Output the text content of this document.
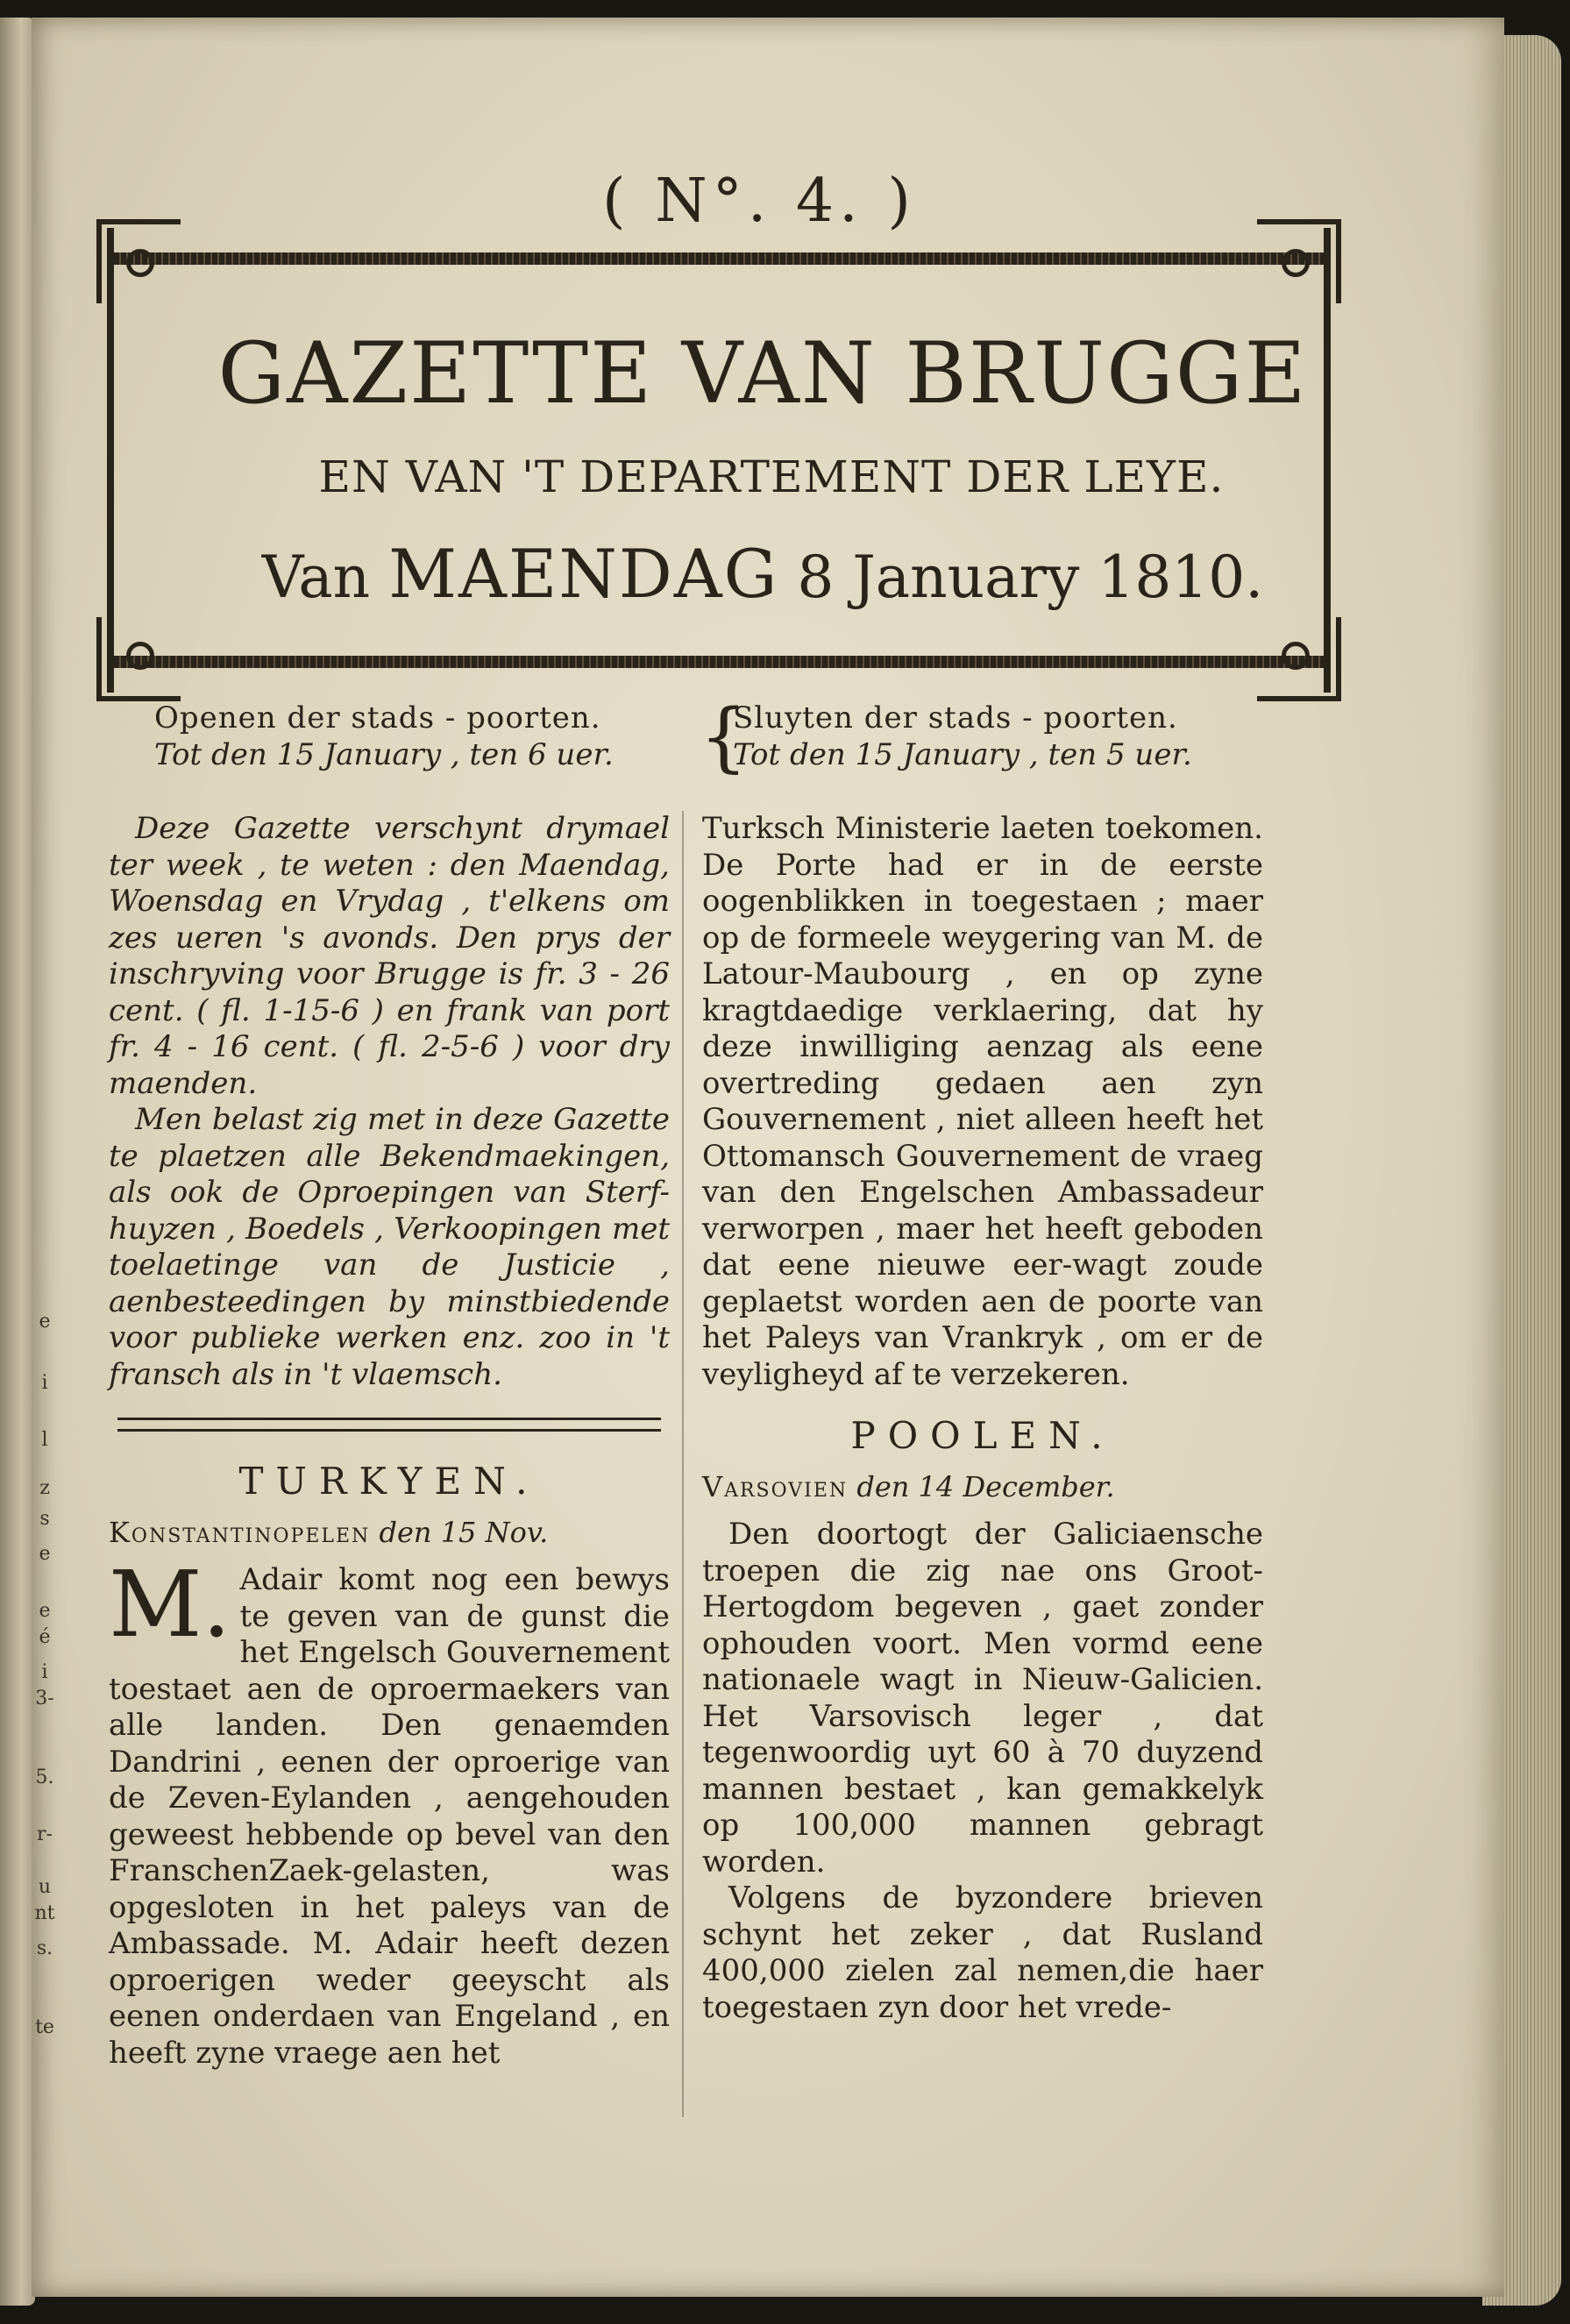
e
i
l
z
s
e
e
é
i
3-
5.
r-
u
nt
s.
te
( N°. 4. )
GAZETTE VAN BRUGGE
EN VAN 'T DEPARTEMENT DER LEYE.
Van MAENDAG 8 January 1810.
Openen der stads - poorten.
Tot den 15 January , ten 6 uer.	{
Sluyten der stads - poorten.
Tot den 15 January , ten 5 uer.

Deze Gazette verschynt drymael ter week , te weten : den Maendag, Woensdag en Vrydag , t'elkens om zes ueren 's avonds. Den prys der inschryving voor Brugge is fr. 3 - 26 cent. ( fl. 1-15-6 ) en frank van port fr. 4 - 16 cent. ( fl. 2-5-6 ) voor dry maenden.

Men belast zig met in deze Gazette te plaetzen alle Bekendmaekingen, als ook de Oproepingen van Sterf-huyzen , Boedels , Verkoopingen met toelaetinge van de Justicie , aenbesteedingen by minstbiedende voor publieke werken enz. zoo in 't fransch als in 't vlaemsch.

TURKYEN.
Konstantinopelen den 15 Nov.

M. Adair komt nog een bewys te geven van de gunst die het Engelsch Gouvernement toestaet aen de oproermaekers van alle landen. Den genaemden Dandrini , eenen der oproerige van de Zeven-Eylanden , aengehouden geweest hebbende op bevel van den FranschenZaek-gelasten, was opgesloten in het paleys van de Ambassade. M. Adair heeft dezen oproerigen weder geeyscht als eenen onderdaen van Engeland , en heeft zyne vraege aen het

Turksch Ministerie laeten toekomen. De Porte had er in de eerste oogenblikken in toegestaen ; maer op de formeele weygering van M. de Latour-Maubourg , en op zyne kragtdaedige verklaering, dat hy deze inwilliging aenzag als eene overtreding gedaen aen zyn Gouvernement , niet alleen heeft het Ottomansch Gouvernement de vraeg van den Engelschen Ambassadeur verworpen , maer het heeft geboden dat eene nieuwe eer-wagt zoude geplaetst worden aen de poorte van het Paleys van Vrankryk , om er de veyligheyd af te verzekeren.

POOLEN.
Varsovien den 14 December.

Den doortogt der Galiciaensche troepen die zig nae ons Groot-Hertogdom begeven , gaet zonder ophouden voort. Men vormd eene nationaele wagt in Nieuw-Galicien. Het Varsovisch leger , dat tegenwoordig uyt 60 à 70 duyzend mannen bestaet , kan gemakkelyk op 100,000 mannen gebragt worden.

Volgens de byzondere brieven schynt het zeker , dat Rusland 400,000 zielen zal nemen,die haer toegestaen zyn door het vrede-
